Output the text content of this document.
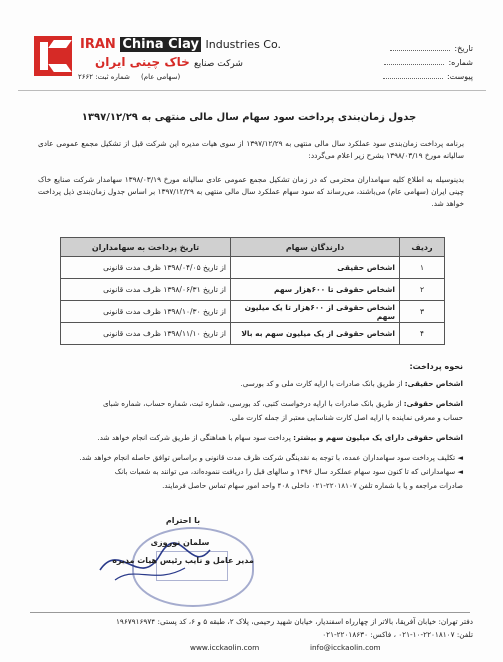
IRAN China Clay Industries Co.
شرکت صنایع خاک چینی ایران
(سهامی عام)     شماره ثبت: ۲۶۶۲
تاریخ:
شماره:
پیوست:
جدول زمان‌بندی پرداخت سود سهام سال مالی منتهی به ۱۳۹۷/۱۲/۲۹
برنامه پرداخت زمان‌بندی سود عملکرد سال مالی منتهی به ۱۳۹۷/۱۲/۲۹ از سوی هیات مدیره این شرکت قبل از تشکیل مجمع عمومی عادی سالیانه مورخ ۱۳۹۸/۰۳/۱۹ بشرح زیر اعلام می‌گردد:
بدینوسیله به اطلاع کلیه سهامداران محترمی که در زمان تشکیل مجمع عمومی عادی سالیانه مورخ ۱۳۹۸/۰۳/۱۹ سهامدار شرکت صنایع خاک چینی ایران (سهامی عام) می‌باشند، می‌رساند که سود سهام عملکرد سال مالی منتهی به ۱۳۹۷/۱۲/۲۹ بر اساس جدول زمان‌بندی ذیل پرداخت خواهد شد.
ردیف	دارندگان سهام	تاریخ پرداخت به سهامداران
۱	اشخاص حقیقی	از تاریخ ۱۳۹۸/۰۴/۰۵ ظرف مدت قانونی
۲	اشخاص حقوقی تا ۶۰۰هزار سهم	از تاریخ ۱۳۹۸/۰۶/۳۱ ظرف مدت قانونی
۳	اشخاص حقوقی از ۶۰۰هزار تا یک میلیون سهم	از تاریخ ۱۳۹۸/۱۰/۳۰ ظرف مدت قانونی
۴	اشخاص حقوقی از یک میلیون سهم به بالا	از تاریخ ۱۳۹۸/۱۱/۱۰ ظرف مدت قانونی
نحوه پرداخت:
اشخاص حقیقی: از طریق بانک صادرات با ارایه کارت ملی و کد بورسی.
اشخاص حقوقی: از طریق بانک صادرات با ارایه درخواست کتبی، کد بورسی، شماره ثبت، شماره حساب، شماره شبای
حساب و معرفی نماینده با ارایه اصل کارت شناسایی معتبر از جمله کارت ملی.
اشخاص حقوقی دارای یک میلیون سهم و بیشتر: پرداخت سود سهام با هماهنگی از طریق شرکت انجام خواهد شد.
◄ تکلیف پرداخت سود سهامداران عمده، با توجه به نقدینگی شرکت ظرف مدت قانونی و براساس توافق حاصله انجام خواهد شد.
◄ سهامدارانی که تا کنون سود سهام عملکرد سال ۱۳۹۶ و سالهای قبل را دریافت ننموده‌اند، می توانند به شعبات بانک
صادرات مراجعه و یا با شماره تلفن ۲۲۰۱۸۱۰۷-۰۲۱ داخلی ۴۰۸ واحد امور سهام تماس حاصل فرمایند.
با احترام
سلمان نوروزی
مدیر عامل و نایب رئیس هیات مدیره
دفتر تهران: خیابان آفریقا، بالاتر از چهارراه اسفندیار، خیابان شهید رحیمی، پلاک ۲، طبقه ۵ و ۶، کد پستی: ۱۹۶۷۹۱۶۹۷۴
تلفن: ۲۲۰۱۸۱۰۷-۱۰-۰۲۱ ، فاکس: ۲۲۰۱۸۶۳۰-۰۲۱
www.icckaolin.com	info@icckaolin.com
